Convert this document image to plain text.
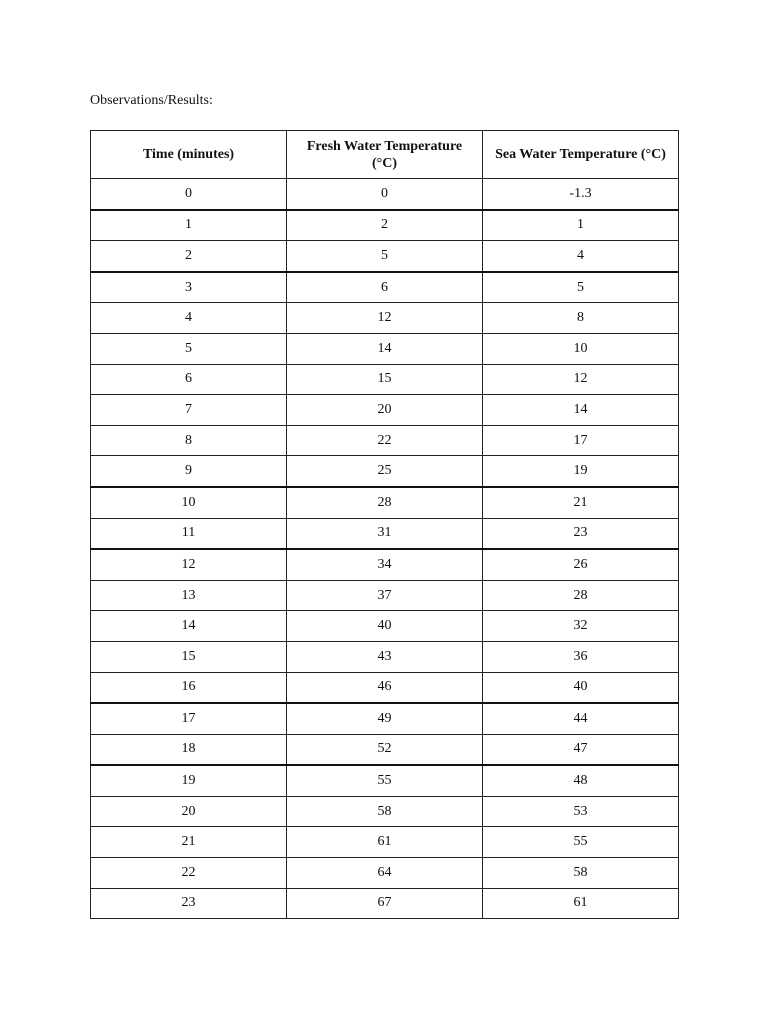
Observations/Results:
Time (minutes)	Fresh Water Temperature (°C)	Sea Water Temperature (°C)
0	0	-1.3
1	2	1
2	5	4
3	6	5
4	12	8
5	14	10
6	15	12
7	20	14
8	22	17
9	25	19
10	28	21
11	31	23
12	34	26
13	37	28
14	40	32
15	43	36
16	46	40
17	49	44
18	52	47
19	55	48
20	58	53
21	61	55
22	64	58
23	67	61
